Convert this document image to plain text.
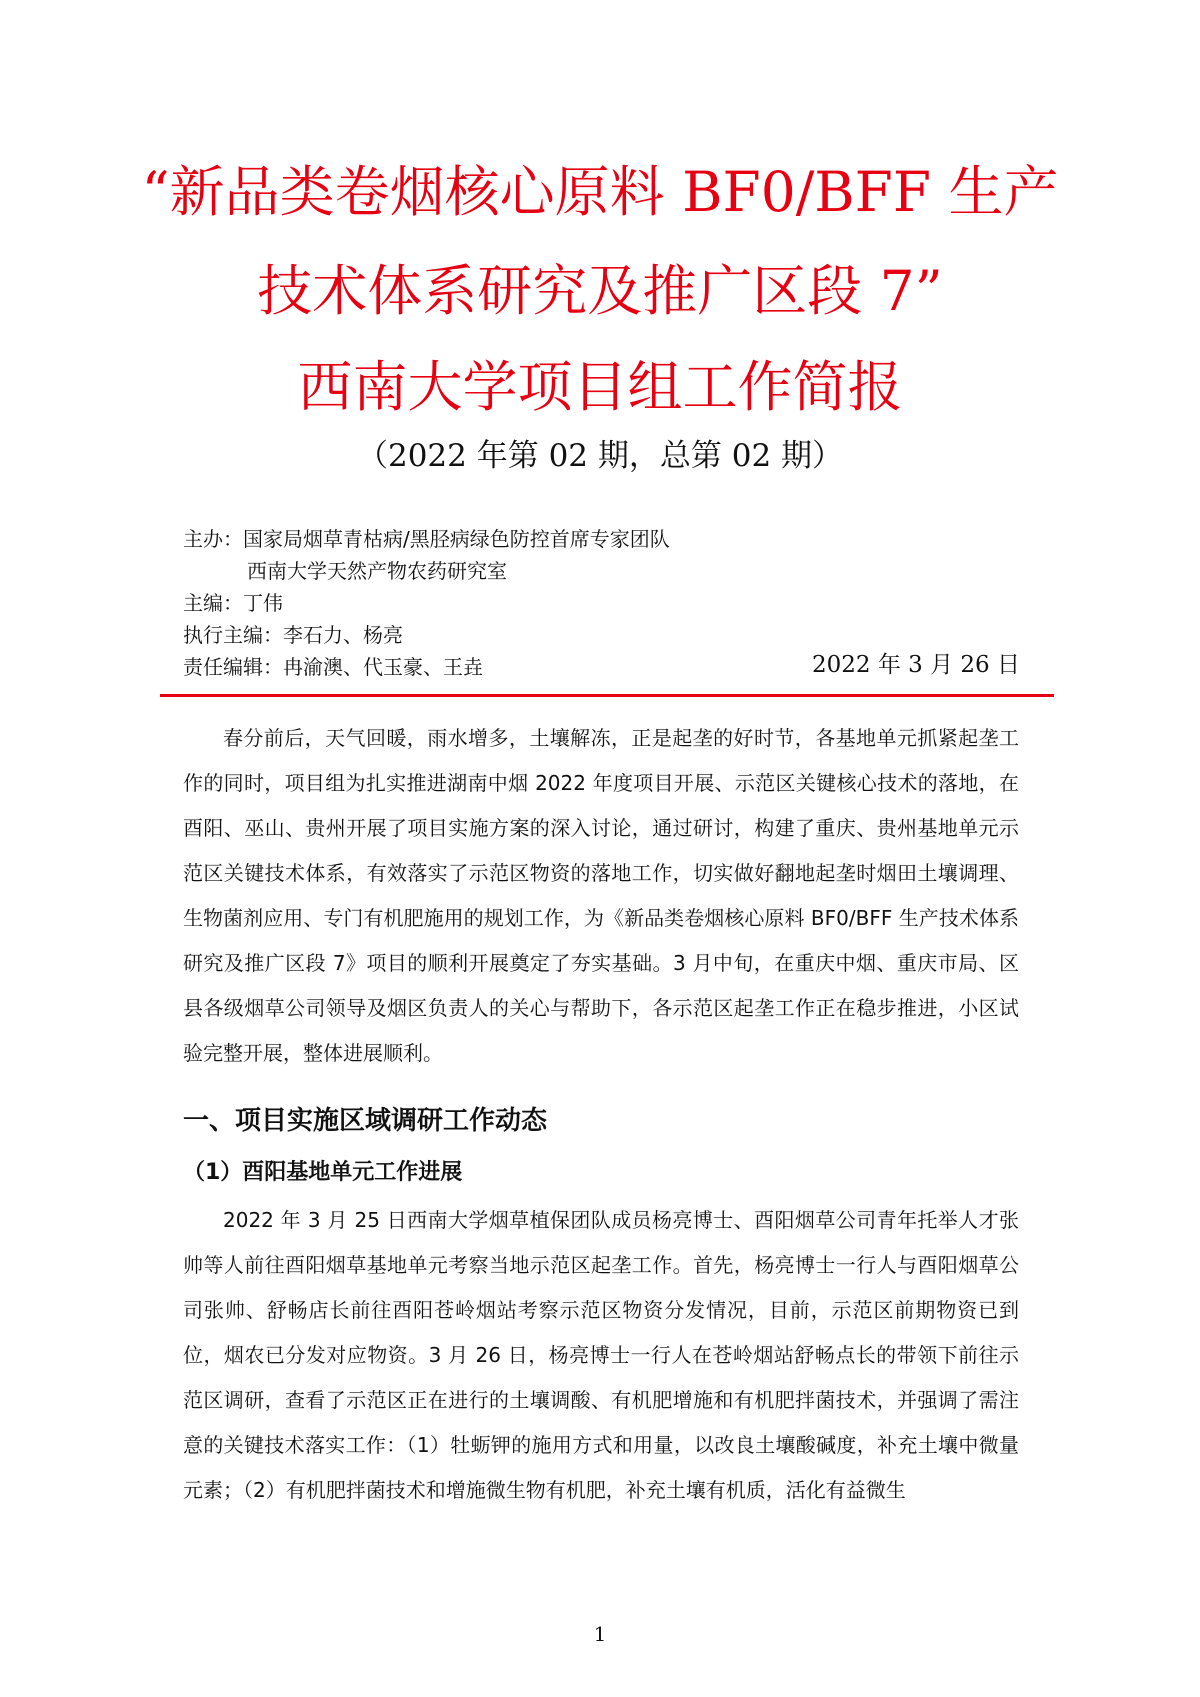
“新品类卷烟核心原料 BF0/BFF 生产
技术体系研究及推广区段 7”
西南大学项目组工作简报
（2022 年第 02 期，总第 02 期）
主办：国家局烟草青枯病/黑胫病绿色防控首席专家团队
西南大学天然产物农药研究室
主编：丁伟
执行主编：李石力、杨亮
责任编辑：冉渝澳、代玉豪、王垚	2022 年 3 月 26 日

春分前后，天气回暖，雨水增多，土壤解冻，正是起垄的好时节，各基地单元抓紧起垄工作的同时，项目组为扎实推进湖南中烟 2022 年度项目开展、示范区关键核心技术的落地，在酉阳、巫山、贵州开展了项目实施方案的深入讨论，通过研讨，构建了重庆、贵州基地单元示范区关键技术体系，有效落实了示范区物资的落地工作，切实做好翻地起垄时烟田土壤调理、生物菌剂应用、专门有机肥施用的规划工作，为《新品类卷烟核心原料 BF0/BFF 生产技术体系研究及推广区段 7》项目的顺利开展奠定了夯实基础。3 月中旬，在重庆中烟、重庆市局、区县各级烟草公司领导及烟区负责人的关心与帮助下，各示范区起垄工作正在稳步推进，小区试验完整开展，整体进展顺利。

一、项目实施区域调研工作动态
（1）酉阳基地单元工作进展

2022 年 3 月 25 日西南大学烟草植保团队成员杨亮博士、酉阳烟草公司青年托举人才张帅等人前往酉阳烟草基地单元考察当地示范区起垄工作。首先，杨亮博士一行人与酉阳烟草公司张帅、舒畅店长前往酉阳苍岭烟站考察示范区物资分发情况，目前，示范区前期物资已到位，烟农已分发对应物资。3 月 26 日，杨亮博士一行人在苍岭烟站舒畅点长的带领下前往示范区调研，查看了示范区正在进行的土壤调酸、有机肥增施和有机肥拌菌技术，并强调了需注意的关键技术落实工作：（1）牡蛎钾的施用方式和用量，以改良土壤酸碱度，补充土壤中微量元素；（2）有机肥拌菌技术和增施微生物有机肥，补充土壤有机质，活化有益微生

1
